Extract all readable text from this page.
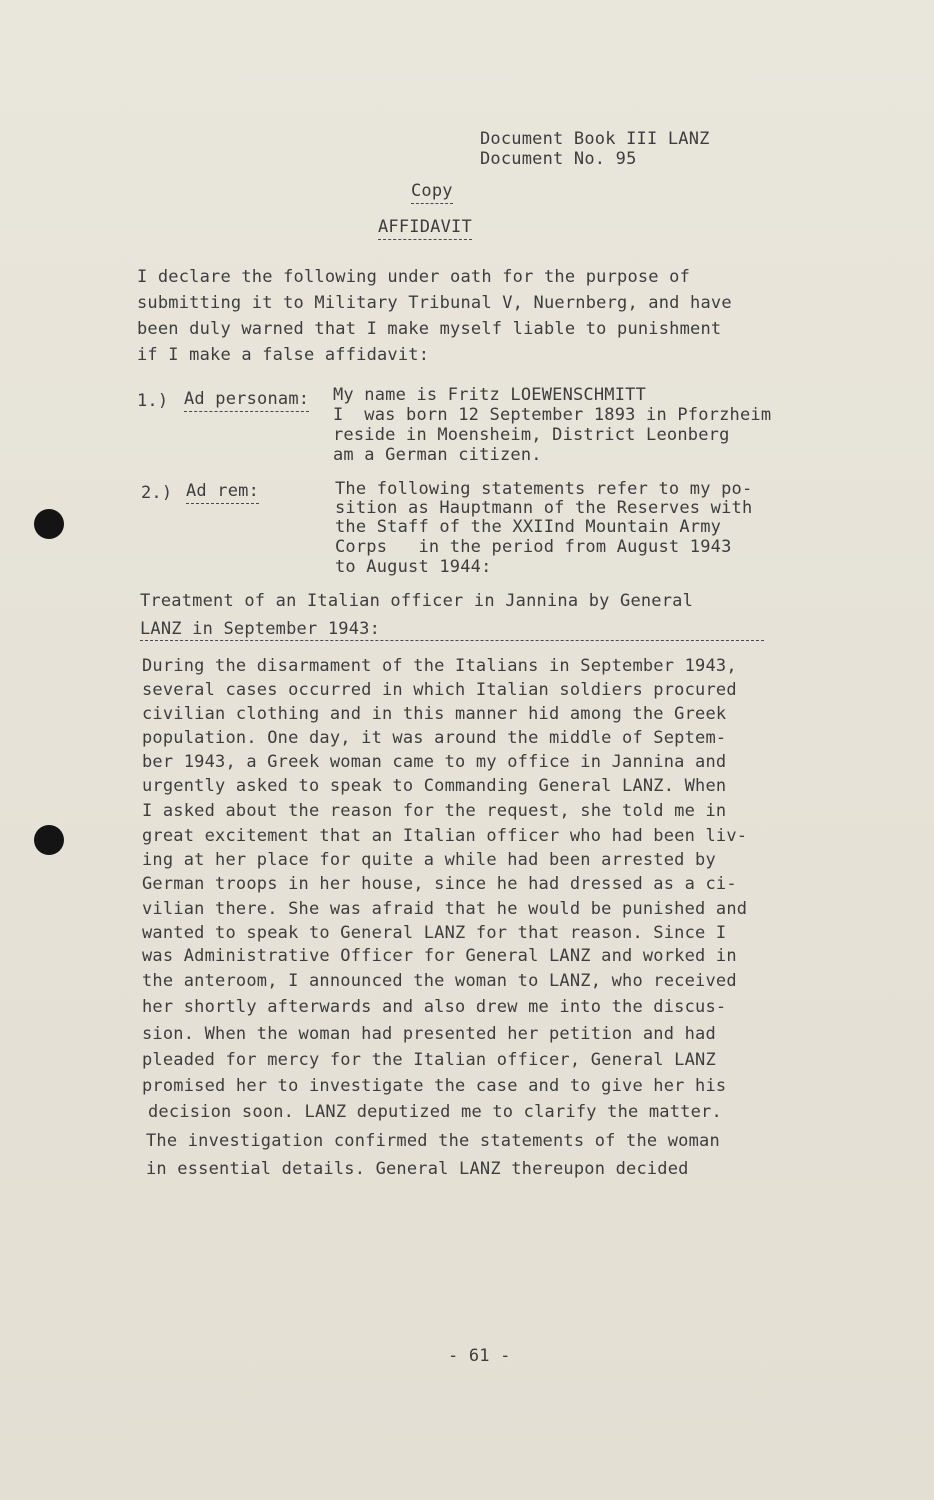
Document Book III LANZ
Document No. 95
Copy
AFFIDAVIT
I declare the following under oath for the purpose of
submitting it to Military Tribunal V, Nuernberg, and have
been duly warned that I make myself liable to punishment
if I make a false affidavit:
1.) Ad personam: My name is Fritz LOEWENSCHMITT
I  was born 12 September 1893 in Pforzheim
reside in Moensheim, District Leonberg
am a German citizen.
2.) Ad rem:	The following statements refer to my po-
sition as Hauptmann of the Reserves with
the Staff of the XXIInd Mountain Army
Corps   in the period from August 1943
to August 1944:
Treatment of an Italian officer in Jannina by General
LANZ in September 1943:
During the disarmament of the Italians in September 1943,
several cases occurred in which Italian soldiers procured
civilian clothing and in this manner hid among the Greek
population. One day, it was around the middle of Septem-
ber 1943, a Greek woman came to my office in Jannina and
urgently asked to speak to Commanding General LANZ. When
I asked about the reason for the request, she told me in
great excitement that an Italian officer who had been liv-
ing at her place for quite a while had been arrested by
German troops in her house, since he had dressed as a ci-
vilian there. She was afraid that he would be punished and
wanted to speak to General LANZ for that reason. Since I
was Administrative Officer for General LANZ and worked in
the anteroom, I announced the woman to LANZ, who received
her shortly afterwards and also drew me into the discus-
sion. When the woman had presented her petition and had
pleaded for mercy for the Italian officer, General LANZ
promised her to investigate the case and to give her his
decision soon. LANZ deputized me to clarify the matter.
The investigation confirmed the statements of the woman
in essential details. General LANZ thereupon decided
- 61 -
